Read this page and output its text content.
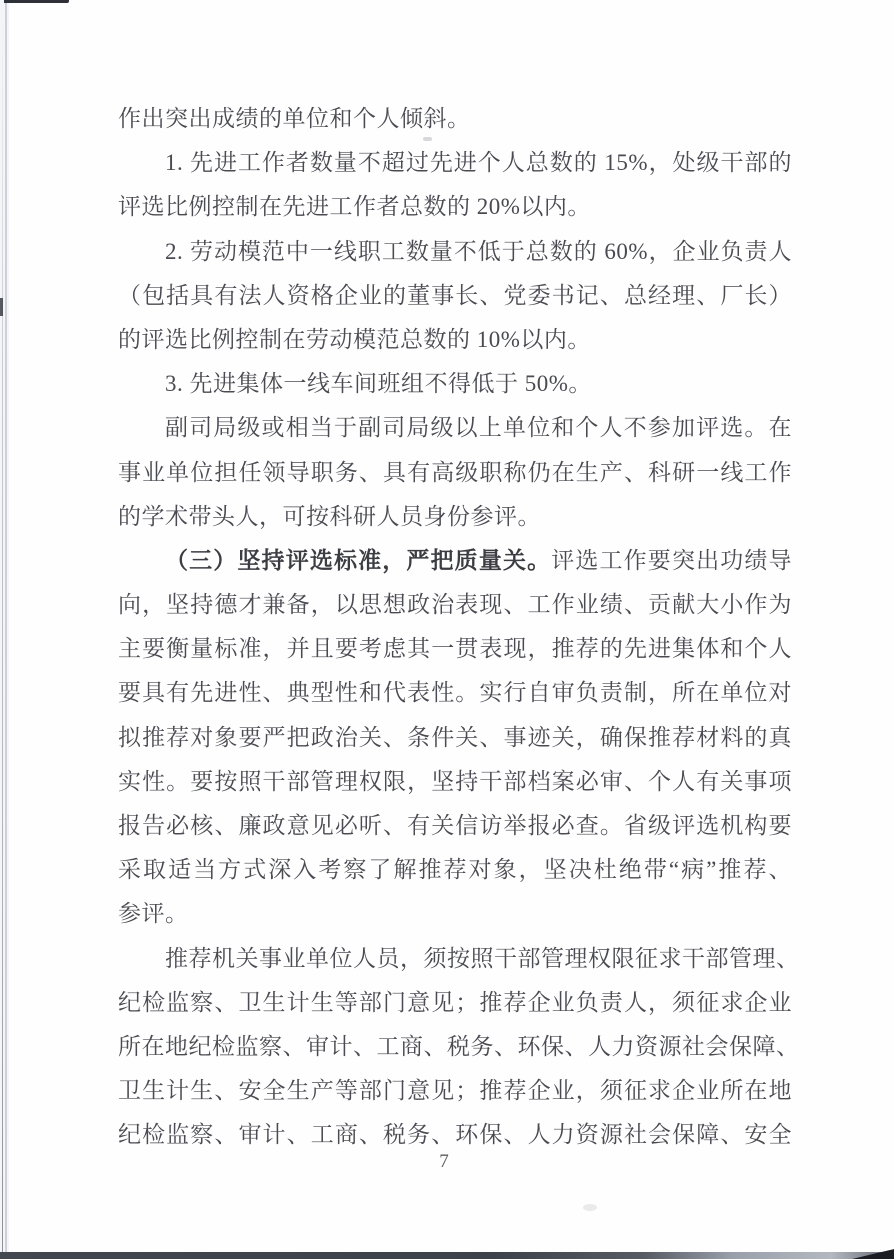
作出突出成绩的单位和个人倾斜。
1. 先进工作者数量不超过先进个人总数的 15%，处级干部的
评选比例控制在先进工作者总数的 20%以内。
2. 劳动模范中一线职工数量不低于总数的 60%，企业负责人
（包括具有法人资格企业的董事长、党委书记、总经理、厂长）
的评选比例控制在劳动模范总数的 10%以内。
3. 先进集体一线车间班组不得低于 50%。
副司局级或相当于副司局级以上单位和个人不参加评选。在
事业单位担任领导职务、具有高级职称仍在生产、科研一线工作
的学术带头人，可按科研人员身份参评。
（三）坚持评选标准，严把质量关。评选工作要突出功绩导
向，坚持德才兼备，以思想政治表现、工作业绩、贡献大小作为
主要衡量标准，并且要考虑其一贯表现，推荐的先进集体和个人
要具有先进性、典型性和代表性。实行自审负责制，所在单位对
拟推荐对象要严把政治关、条件关、事迹关，确保推荐材料的真
实性。要按照干部管理权限，坚持干部档案必审、个人有关事项
报告必核、廉政意见必听、有关信访举报必查。省级评选机构要
采取适当方式深入考察了解推荐对象，坚决杜绝带“病”推荐、
参评。
推荐机关事业单位人员，须按照干部管理权限征求干部管理、
纪检监察、卫生计生等部门意见；推荐企业负责人，须征求企业
所在地纪检监察、审计、工商、税务、环保、人力资源社会保障、
卫生计生、安全生产等部门意见；推荐企业，须征求企业所在地
纪检监察、审计、工商、税务、环保、人力资源社会保障、安全
7
